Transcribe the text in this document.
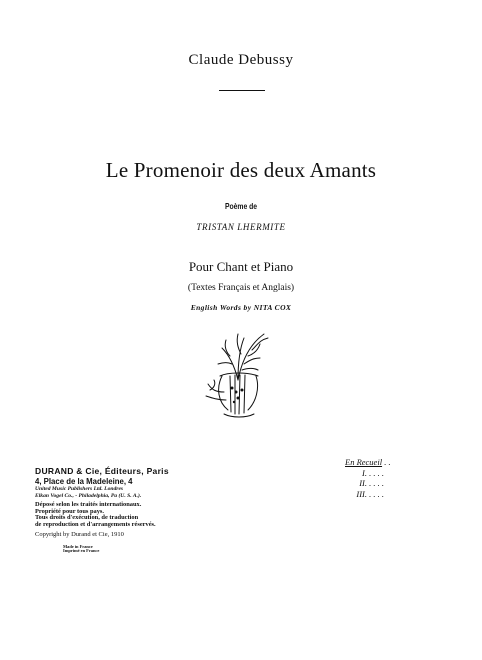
Claude Debussy
Le Promenoir des deux Amants
Poème de
TRISTAN LHERMITE
Pour Chant et Piano
(Textes Français et Anglais)
English Words by NITA COX
En Recueil . .
I. . . . .
II. . . . .
III. . . . .
DURAND & Cie, Éditeurs, Paris
4, Place de la Madeleine, 4
United Music Publishers Ltd. Londres
Elkan Vogel Co., - Philadelphia, Pa (U. S. A.).
Déposé selon les traités internationaux.
Propriété pour tous pays.
Tous droits d'exécution, de traduction
de reproduction et d'arrangements réservés.
Copyright by Durand et Cie, 1910
Made in France
Imprimé en France
